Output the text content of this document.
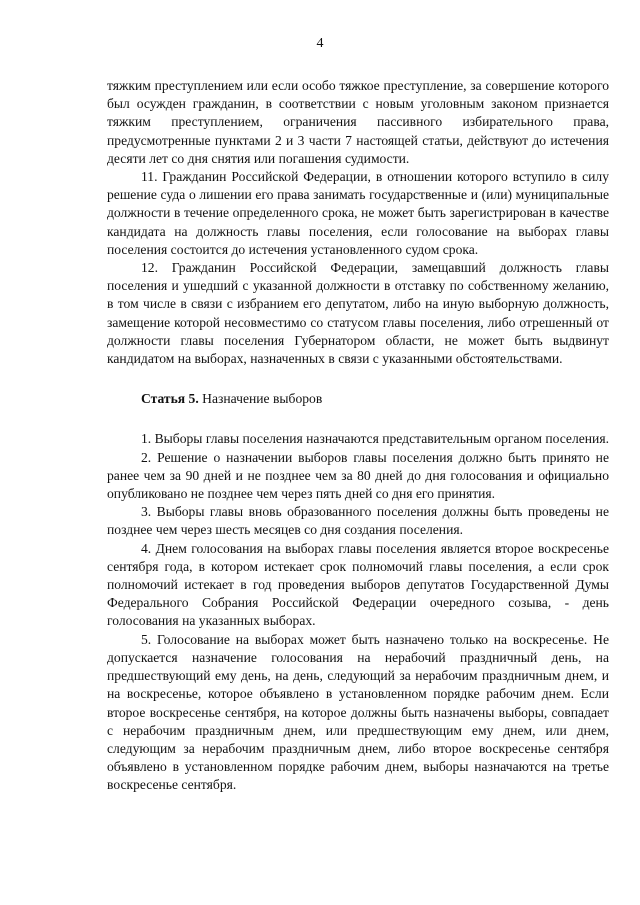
4

тяжким преступлением или если особо тяжкое преступление, за совершение которого был осужден гражданин, в соответствии с новым уголовным законом признается тяжким преступлением, ограничения пассивного избирательного права, предусмотренные пунктами 2 и 3 части 7 настоящей статьи, действуют до истечения десяти лет со дня снятия или погашения судимости.

11. Гражданин Российской Федерации, в отношении которого вступило в силу решение суда о лишении его права занимать государственные и (или) муниципальные должности в течение определенного срока, не может быть зарегистрирован в качестве кандидата на должность главы поселения, если голосование на выборах главы поселения состоится до истечения установленного судом срока.

12. Гражданин Российской Федерации, замещавший должность главы поселения и ушедший с указанной должности в отставку по собственному желанию, в том числе в связи с избранием его депутатом, либо на иную выборную должность, замещение которой несовместимо со статусом главы поселения, либо отрешенный от должности главы поселения Губернатором области, не может быть выдвинут кандидатом на выборах, назначенных в связи с указанными обстоятельствами.

Статья 5. Назначение выборов

1. Выборы главы поселения назначаются представительным органом поселения.

2. Решение о назначении выборов главы поселения должно быть принято не ранее чем за 90 дней и не позднее чем за 80 дней до дня голосования и официально опубликовано не позднее чем через пять дней со дня его принятия.

3. Выборы главы вновь образованного поселения должны быть проведены не позднее чем через шесть месяцев со дня создания поселения.

4. Днем голосования на выборах главы поселения является второе воскресенье сентября года, в котором истекает срок полномочий главы поселения, а если срок полномочий истекает в год проведения выборов депутатов Государственной Думы Федерального Собрания Российской Федерации очередного созыва, - день голосования на указанных выборах.

5. Голосование на выборах может быть назначено только на воскресенье. Не допускается назначение голосования на нерабочий праздничный день, на предшествующий ему день, на день, следующий за нерабочим праздничным днем, и на воскресенье, которое объявлено в установленном порядке рабочим днем. Если второе воскресенье сентября, на которое должны быть назначены выборы, совпадает с нерабочим праздничным днем, или предшествующим ему днем, или днем, следующим за нерабочим праздничным днем, либо второе воскресенье сентября объявлено в установленном порядке рабочим днем, выборы назначаются на третье воскресенье сентября.
